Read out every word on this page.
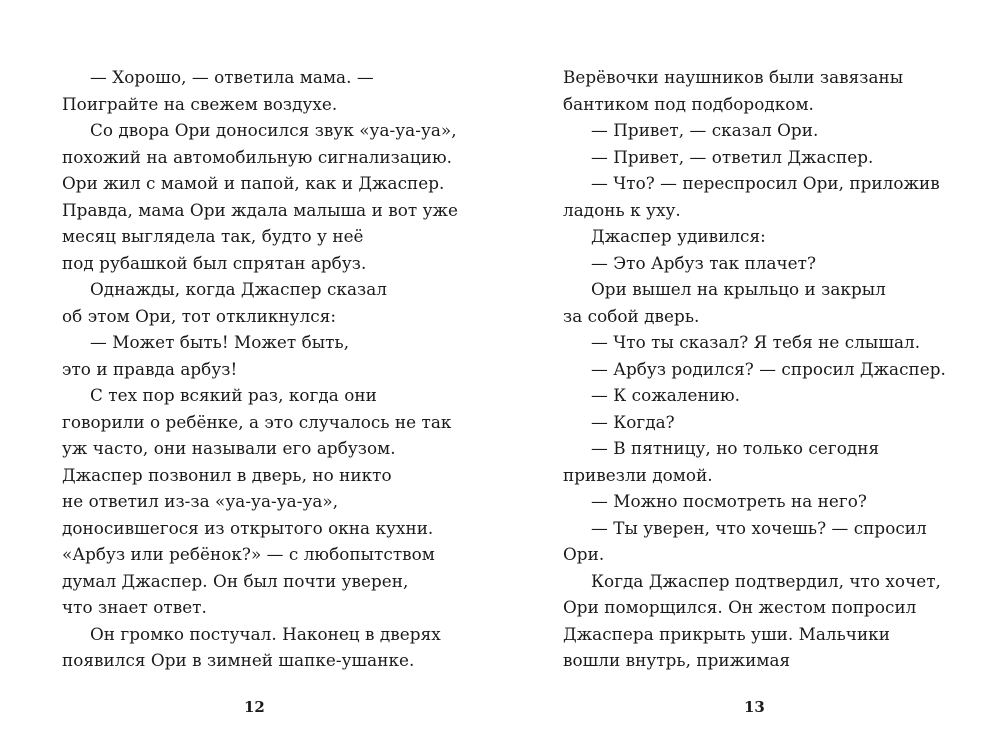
— Хорошо, — ответила мама. —
Поиграйте на свежем воздухе.
Со двора Ори доносился звук «уа-уа-уа»,
похожий на автомобильную сигнализацию.
Ори жил с мамой и папой, как и Джаспер.
Правда, мама Ори ждала малыша и вот уже
месяц выглядела так, будто у неё
под рубашкой был спрятан арбуз.
Однажды, когда Джаспер сказал
об этом Ори, тот откликнулся:
— Может быть! Может быть,
это и правда арбуз!
С тех пор всякий раз, когда они
говорили о ребёнке, а это случалось не так
уж часто, они называли его арбузом.
Джаспер позвонил в дверь, но никто
не ответил из-за «уа-уа-уа-уа»,
доносившегося из открытого окна кухни.
«Арбуз или ребёнок?» — с любопытством
думал Джаспер. Он был почти уверен,
что знает ответ.
Он громко постучал. Наконец в дверях
появился Ори в зимней шапке-ушанке.
Верёвочки наушников были завязаны
бантиком под подбородком.
— Привет, — сказал Ори.
— Привет, — ответил Джаспер.
— Что? — переспросил Ори, приложив
ладонь к уху.
Джаспер удивился:
— Это Арбуз так плачет?
Ори вышел на крыльцо и закрыл
за собой дверь.
— Что ты сказал? Я тебя не слышал.
— Арбуз родился? — спросил Джаспер.
— К сожалению.
— Когда?
— В пятницу, но только сегодня
привезли домой.
— Можно посмотреть на него?
— Ты уверен, что хочешь? — спросил
Ори.
Когда Джаспер подтвердил, что хочет,
Ори поморщился. Он жестом попросил
Джаспера прикрыть уши. Мальчики
вошли внутрь, прижимая
12	13
